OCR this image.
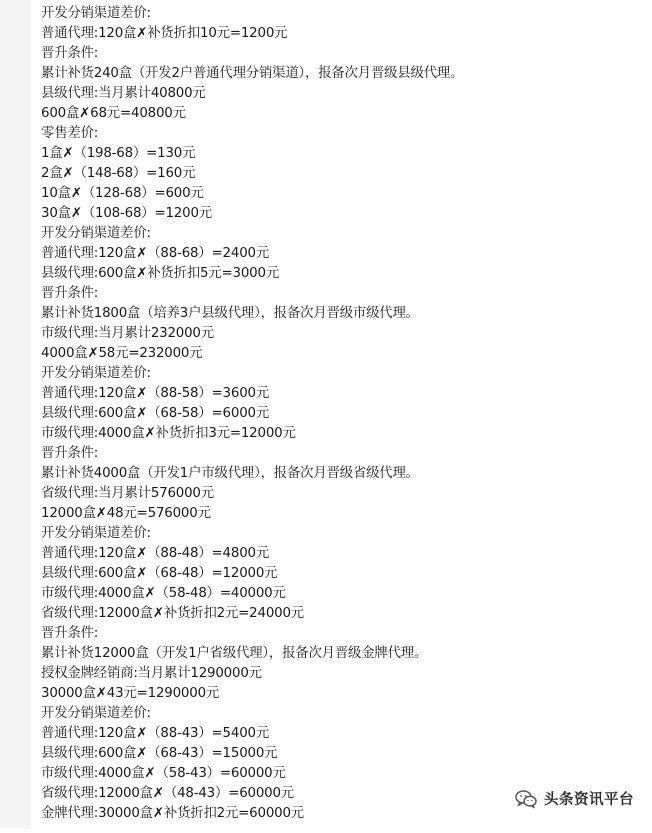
开发分销渠道差价:
普通代理:120盒✗补货折扣10元=1200元
晋升条件:
累计补货240盒（开发2户普通代理分销渠道），报备次月晋级县级代理。
县级代理:当月累计40800元
600盒✗68元=40800元
零售差价:
1盒✗（198-68）=130元
2盒✗（148-68）=160元
10盒✗（128-68）=600元
30盒✗（108-68）=1200元
开发分销渠道差价:
普通代理:120盒✗（88-68）=2400元
县级代理:600盒✗补货折扣5元=3000元
晋升条件:
累计补货1800盒（培养3户县级代理），报备次月晋级市级代理。
市级代理:当月累计232000元
4000盒✗58元=232000元
开发分销渠道差价:
普通代理:120盒✗（88-58）=3600元
县级代理:600盒✗（68-58）=6000元
市级代理:4000盒✗补货折扣3元=12000元
晋升条件:
累计补货4000盒（开发1户市级代理），报备次月晋级省级代理。
省级代理:当月累计576000元
12000盒✗48元=576000元
开发分销渠道差价:
普通代理:120盒✗（88-48）=4800元
县级代理:600盒✗（68-48）=12000元
市级代理:4000盒✗（58-48）=40000元
省级代理:12000盒✗补货折扣2元=24000元
晋升条件:
累计补货12000盒（开发1户省级代理），报备次月晋级金牌代理。
授权金牌经销商:当月累计1290000元
30000盒✗43元=1290000元
开发分销渠道差价:
普通代理:120盒✗（88-43）=5400元
县级代理:600盒✗（68-43）=15000元
市级代理:4000盒✗（58-43）=60000元
省级代理:12000盒✗（48-43）=60000元
金牌代理:30000盒✗补货折扣2元=60000元
头条资讯平台
